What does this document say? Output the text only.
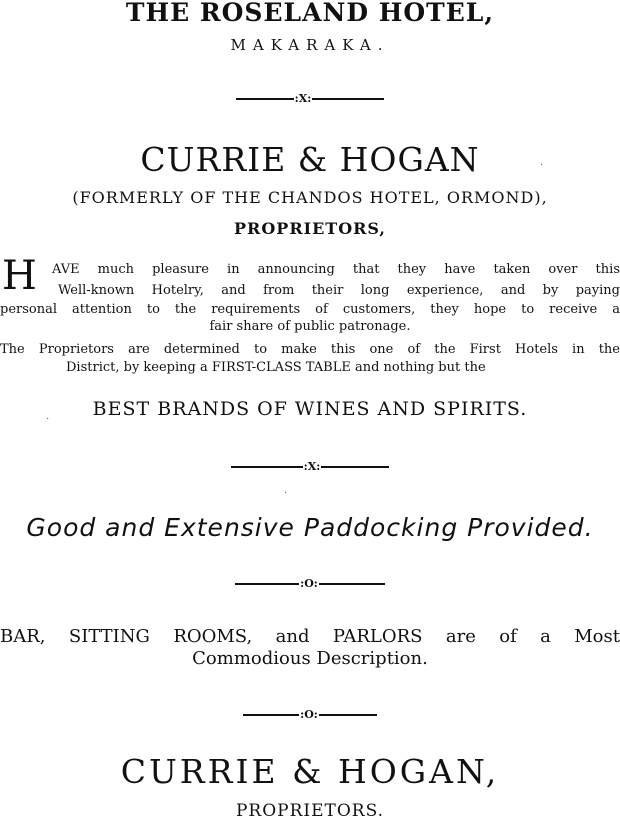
THE ROSELAND HOTEL,
MAKARAKA.
:X:
CURRIE & HOGAN
(FORMERLY OF THE CHANDOS HOTEL, ORMOND),
PROPRIETORS,
H AVE much pleasure in announcing that they have taken over this
Well-known Hotelry, and from their long experience, and by paying
personal attention to the requirements of customers, they hope to receive a
fair share of public patronage.
The Proprietors are determined to make this one of the First Hotels in the
District, by keeping a FIRST-CLASS TABLE and nothing but the
BEST BRANDS OF WINES AND SPIRITS.
:X:
Good and Extensive Paddocking Provided.
:O:
BAR, SITTING ROOMS, and PARLORS are of a Most
Commodious Description.
:O:
CURRIE & HOGAN,
PROPRIETORS.
·
·
·
